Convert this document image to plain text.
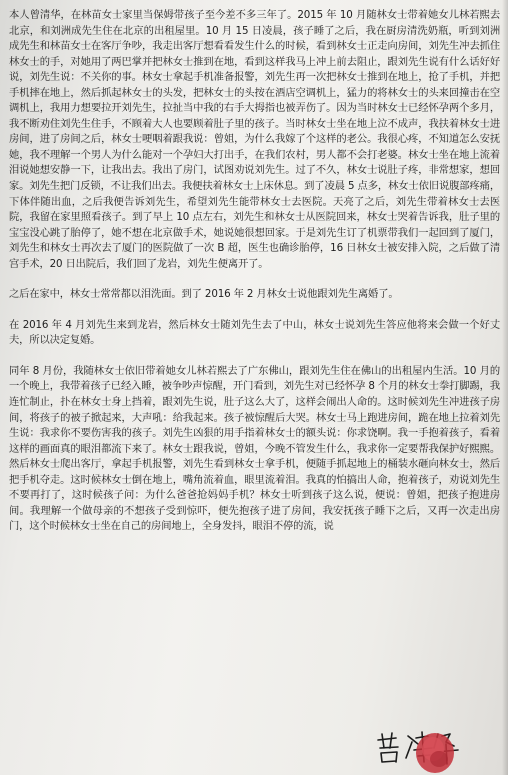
本人曾清华，在林苗女士家里当保姆带孩子至今差不多三年了。2015 年 10 月随林女士带着她女儿林若熙去北京，和刘洲成先生住在北京的出租屋里。10 月 15 日凌晨，孩子睡了之后，我在厨房清洗奶瓶，听到刘洲成先生和林苗女士在客厅争吵，我走出客厅想看看发生什么的时候，看到林女士正走向房间，刘先生冲去抓住林女士的手，对她用了两巴掌并把林女士推到在地，看到这样我马上冲上前去阻止，跟刘先生说有什么话好好说，刘先生说：不关你的事。林女士拿起手机准备报警，刘先生再一次把林女士推到在地上，抢了手机，并把手机摔在地上，然后抓起林女士的头发，把林女士的头按在酒店空调机上，猛力的将林女士的头来回撞击在空调机上，我用力想要拉开刘先生，拉扯当中我的右手大拇指也被弄伤了。因为当时林女士已经怀孕两个多月，我不断劝住刘先生住手，不顾着大人也要顾着肚子里的孩子。当时林女士坐在地上泣不成声，我扶着林女士进房间，进了房间之后，林女士哽咽着跟我说：曾姐，为什么我嫁了个这样的老公。我很心疼，不知道怎么安抚她，我不理解一个男人为什么能对一个孕妇大打出手，在我们农村，男人都不会打老婆。林女士坐在地上流着泪说她想安静一下，让我出去。我出了房门，试图劝说刘先生。过了不久，林女士说肚子疼，非常想家，想回家。刘先生把门反锁，不让我们出去。我便扶着林女士上床休息。到了凌晨 5 点多，林女士依旧说腹部疼痛，下体伴随出血，之后我便告诉刘先生，希望刘先生能带林女士去医院。天亮了之后，刘先生带着林女士去医院，我留在家里照看孩子。到了早上 10 点左右，刘先生和林女士从医院回来，林女士哭着告诉我，肚子里的宝宝没心跳了胎停了，她不想在北京做手术，她说她很想回家。于是刘先生订了机票带我们一起回到了厦门，刘先生和林女士再次去了厦门的医院做了一次 B 超，医生也确诊胎停，16 日林女士被安排入院，之后做了清宫手术，20 日出院后，我们回了龙岩，刘先生便离开了。

之后在家中，林女士常常都以泪洗面。到了 2016 年 2 月林女士说他跟刘先生离婚了。

在 2016 年 4 月刘先生来到龙岩，然后林女士随刘先生去了中山，林女士说刘先生答应他将来会做一个好丈夫，所以决定复婚。

同年 8 月份，我随林女士依旧带着她女儿林若熙去了广东佛山，跟刘先生住在佛山的出租屋内生活。10 月的一个晚上，我带着孩子已经入睡，被争吵声惊醒，开门看到，刘先生对已经怀孕 8 个月的林女士拳打脚踢，我连忙制止，扑在林女士身上挡着，跟刘先生说，肚子这么大了，这样会闹出人命的。这时候刘先生冲进孩子房间，将孩子的被子掀起来，大声吼：给我起来。孩子被惊醒后大哭。林女士马上跑进房间，跪在地上拉着刘先生说：我求你不要伤害我的孩子。刘先生凶狠的用手指着林女士的额头说：你求饶啊。我一手抱着孩子，看着这样的画面真的眼泪都流下来了。林女士跟我说，曾姐，今晚不管发生什么，我求你一定要帮我保护好熙熙。然后林女士爬出客厅，拿起手机报警，刘先生看到林女士拿手机，便随手抓起地上的桶装水砸向林女士，然后把手机夺走。这时候林女士倒在地上，嘴角流着血，眼里流着泪。我真的怕搞出人命，抱着孩子，劝说刘先生不要再打了，这时候孩子问：为什么爸爸抢妈妈手机？林女士听到孩子这么说，便说：曾姐，把孩子抱进房间。我理解一个做母亲的不想孩子受到惊吓，便先抱孩子进了房间，我安抚孩子睡下之后，又再一次走出房门，这个时候林女士坐在自己的房间地上，全身发抖，眼泪不停的流，说
